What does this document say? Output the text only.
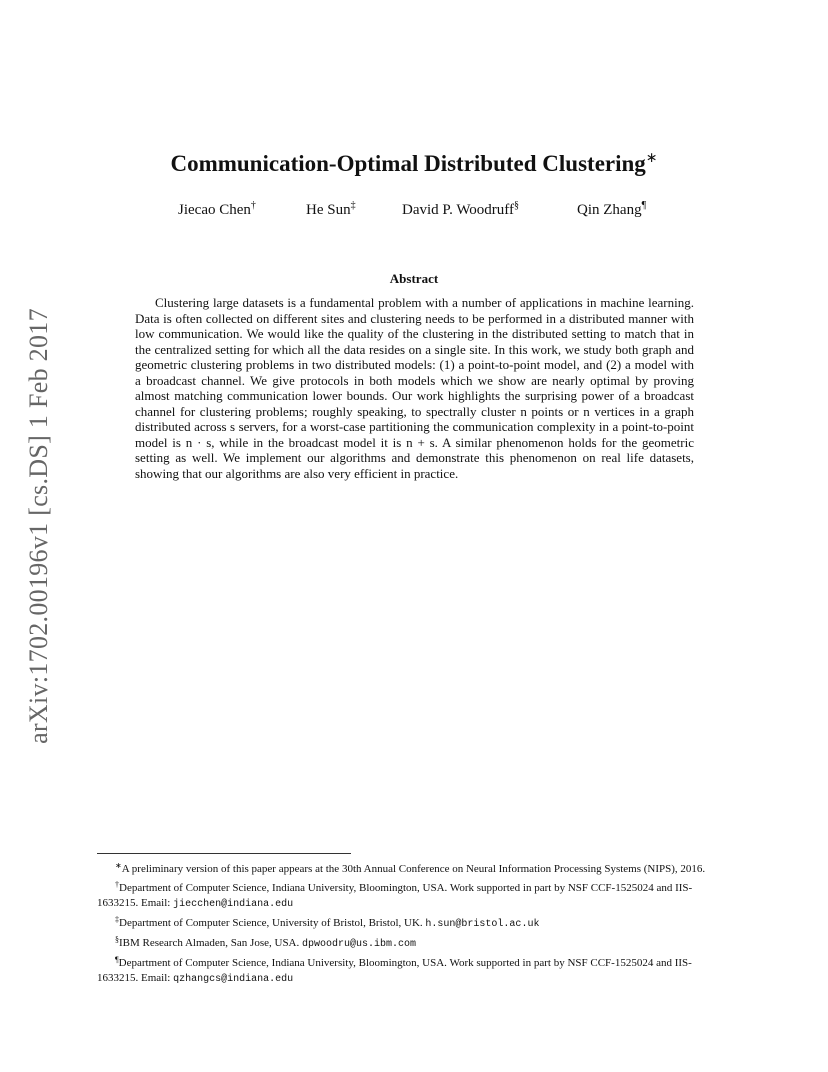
arXiv:1702.00196v1 [cs.DS] 1 Feb 2017
Communication-Optimal Distributed Clustering∗
Jiecao Chen†	He Sun‡	David P. Woodruff§	Qin Zhang¶
Abstract

Clustering large datasets is a fundamental problem with a number of applications in machine learning. Data is often collected on different sites and clustering needs to be performed in a distributed manner with low communication. We would like the quality of the clustering in the distributed setting to match that in the centralized setting for which all the data resides on a single site. In this work, we study both graph and geometric clustering problems in two distributed models: (1) a point-to-point model, and (2) a model with a broadcast channel. We give protocols in both models which we show are nearly optimal by proving almost matching communication lower bounds. Our work highlights the surprising power of a broadcast channel for clustering problems; roughly speaking, to spectrally cluster n points or n vertices in a graph distributed across s servers, for a worst-case partitioning the communication complexity in a point-to-point model is n · s, while in the broadcast model it is n + s. A similar phenomenon holds for the geometric setting as well. We implement our algorithms and demonstrate this phenomenon on real life datasets, showing that our algorithms are also very efficient in practice.

∗A preliminary version of this paper appears at the 30th Annual Conference on Neural Information Processing Systems (NIPS), 2016.

†Department of Computer Science, Indiana University, Bloomington, USA. Work supported in part by NSF CCF-1525024 and IIS-1633215. Email: jiecchen@indiana.edu

‡Department of Computer Science, University of Bristol, Bristol, UK. h.sun@bristol.ac.uk

§IBM Research Almaden, San Jose, USA. dpwoodru@us.ibm.com

¶Department of Computer Science, Indiana University, Bloomington, USA. Work supported in part by NSF CCF-1525024 and IIS-1633215. Email: qzhangcs@indiana.edu
